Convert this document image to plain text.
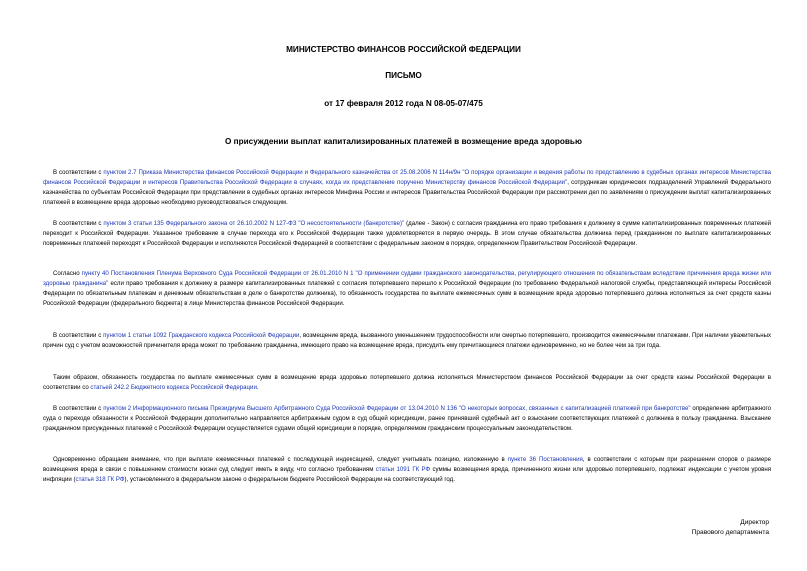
МИНИСТЕРСТВО ФИНАНСОВ РОССИЙСКОЙ ФЕДЕРАЦИИ
ПИСЬМО
от 17 февраля 2012 года N 08-05-07/475
О присуждении выплат капитализированных платежей в возмещение вреда здоровью
В соответствии с пунктом 2.7 Приказа Министерства финансов Российской Федерации и Федерального казначейства от 25.08.2006 N 114н/9н "О порядке организации и ведения работы по представлению в судебных органах интересов Министерства финансов Российской Федерации и интересов Правительства Российской Федерации в случаях, когда их представление поручено Министерству финансов Российской Федерации", сотрудникам юридических подразделений Управлений Федерального казначейства по субъектам Российской Федерации при представлении в судебных органах интересов Минфина России и интересов Правительства Российской Федерации при рассмотрении дел по заявлениям о присуждении выплат капитализированных платежей в возмещение вреда здоровью необходимо руководствоваться следующим.
В соответствии с пунктом 3 статьи 135 Федерального закона от 26.10.2002 N 127-ФЗ "О несостоятельности (банкротстве)" (далее - Закон) с согласия гражданина его право требования к должнику в сумме капитализированных повременных платежей переходит к Российской Федерации. Указанное требование в случае перехода его к Российской Федерации также удовлетворяется в первую очередь. В этом случае обязательства должника перед гражданином по выплате капитализированных повременных платежей переходят к Российской Федерации и исполняются Российской Федерацией в соответствии с федеральным законом в порядке, определенном Правительством Российской Федерации.
Согласно пункту 40 Постановления Пленума Верховного Суда Российской Федерации от 26.01.2010 N 1 "О применении судами гражданского законодательства, регулирующего отношения по обязательствам вследствие причинения вреда жизни или здоровью гражданина" если право требования к должнику в размере капитализированных платежей с согласия потерпевшего перешло к Российской Федерации (по требованию Федеральной налоговой службы, представляющей интересы Российской Федерации по обязательным платежам и денежным обязательствам в деле о банкротстве должника), то обязанность государства по выплате ежемесячных сумм в возмещение вреда здоровью потерпевшего должна исполняться за счет средств казны Российской Федерации (федерального бюджета) в лице Министерства финансов Российской Федерации.
В соответствии с пунктом 1 статьи 1092 Гражданского кодекса Российской Федерации, возмещение вреда, вызванного уменьшением трудоспособности или смертью потерпевшего, производится ежемесячными платежами. При наличии уважительных причин суд с учетом возможностей причинителя вреда может по требованию гражданина, имеющего право на возмещение вреда, присудить ему причитающиеся платежи единовременно, но не более чем за три года.
Таким образом, обязанность государства по выплате ежемесячных сумм в возмещение вреда здоровью потерпевшего должна исполняться Министерством финансов Российской Федерации за счет средств казны Российской Федерации в соответствии со статьей 242.2 Бюджетного кодекса Российской Федерации.
В соответствии с пунктом 2 Информационного письма Президиума Высшего Арбитражного Суда Российской Федерации от 13.04.2010 N 136 "О некоторых вопросах, связанных с капитализацией платежей при банкротстве" определение арбитражного суда о переходе обязанности к Российской Федерации дополнительно направляется арбитражным судом в суд общей юрисдикции, ранее принявший судебный акт о взыскании соответствующих платежей с должника в пользу гражданина. Взыскание гражданином присужденных платежей с Российской Федерации осуществляется судами общей юрисдикции в порядке, определяемом гражданским процессуальным законодательством.
Одновременно обращаем внимание, что при выплате ежемесячных платежей с последующей индексацией, следует учитывать позицию, изложенную в пункте 36 Постановления, в соответствии с которым при разрешении споров о размере возмещения вреда в связи с повышением стоимости жизни суд следует иметь в виду, что согласно требованиям статьи 1091 ГК РФ суммы возмещения вреда, причиненного жизни или здоровью потерпевшего, подлежат индексации с учетом уровня инфляции (статья 318 ГК РФ), установленного в федеральном законе о федеральном бюджете Российской Федерации на соответствующий год.
Директор
Правового департамента
